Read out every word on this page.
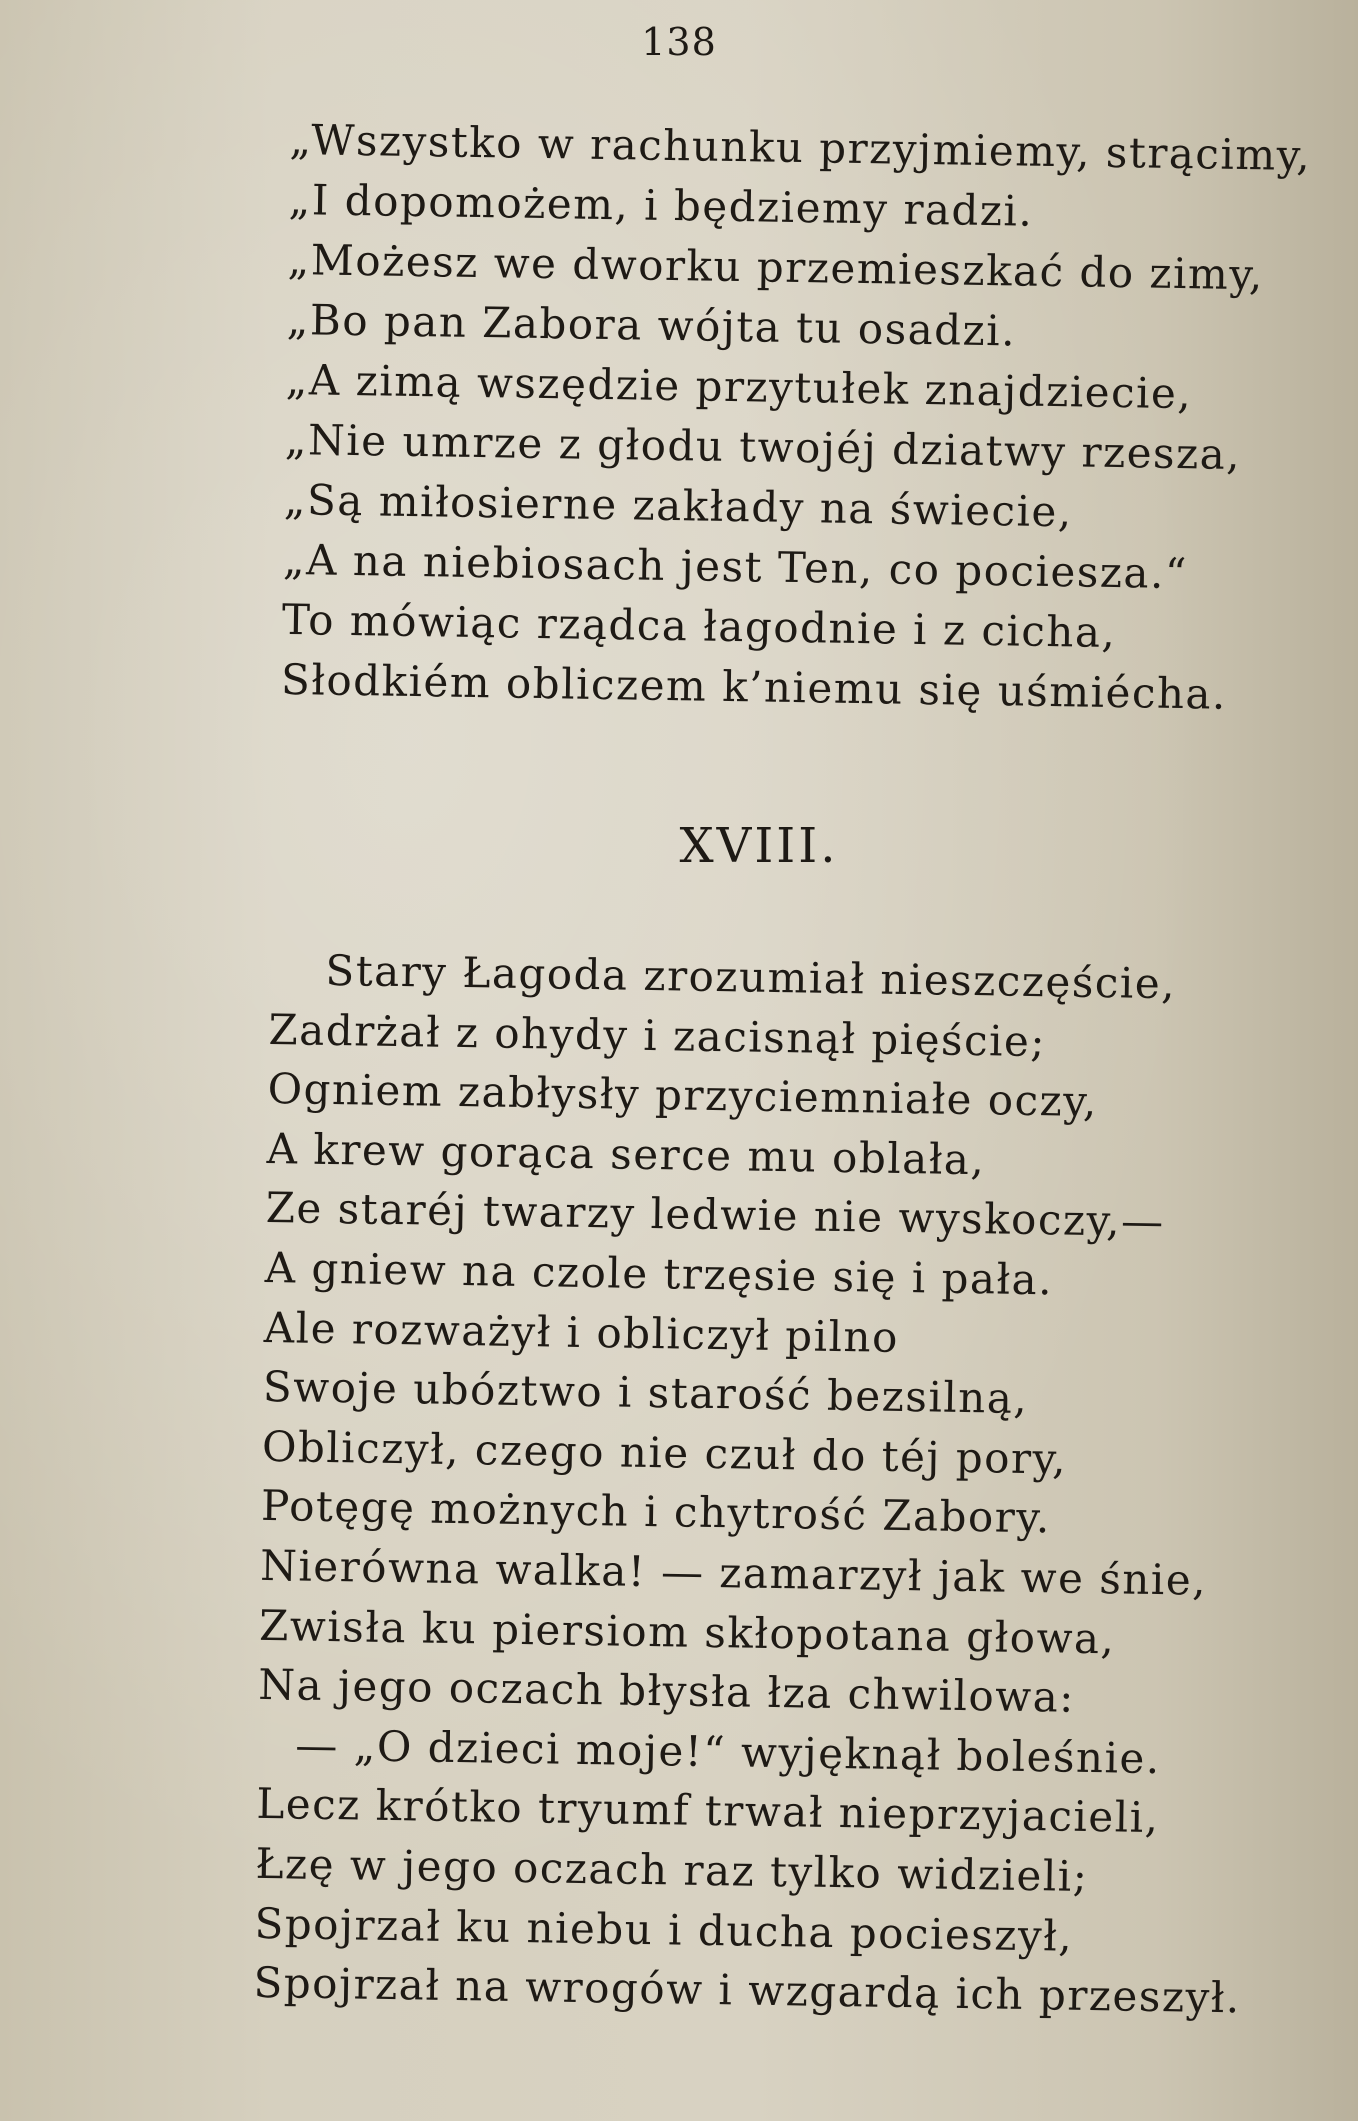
138
„Wszystko w rachunku przyjmiemy, strącimy,
„I dopomożem, i będziemy radzi.
„Możesz we dworku przemieszkać do zimy,
„Bo pan Zabora wójta tu osadzi.
„A zimą wszędzie przytułek znajdziecie,
„Nie umrze z głodu twojéj dziatwy rzesza,
„Są miłosierne zakłady na świecie,
„A na niebiosach jest Ten, co pociesza.“
To mówiąc rządca łagodnie i z cicha,
Słodkiém obliczem k’niemu się uśmiécha.
XVIII.
Stary Łagoda zrozumiał nieszczęście,
Zadrżał z ohydy i zacisnął pięście;
Ogniem zabłysły przyciemniałe oczy,
A krew gorąca serce mu oblała,
Ze staréj twarzy ledwie nie wyskoczy,—
A gniew na czole trzęsie się i pała.
Ale rozważył i obliczył pilno
Swoje ubóztwo i starość bezsilną,
Obliczył, czego nie czuł do téj pory,
Potęgę możnych i chytrość Zabory.
Nierówna walka! — zamarzył jak we śnie,
Zwisła ku piersiom skłopotana głowa,
Na jego oczach błysła łza chwilowa:
— „O dzieci moje!“ wyjęknął boleśnie.
Lecz krótko tryumf trwał nieprzyjacieli,
Łzę w jego oczach raz tylko widzieli;
Spojrzał ku niebu i ducha pocieszył,
Spojrzał na wrogów i wzgardą ich przeszył.
